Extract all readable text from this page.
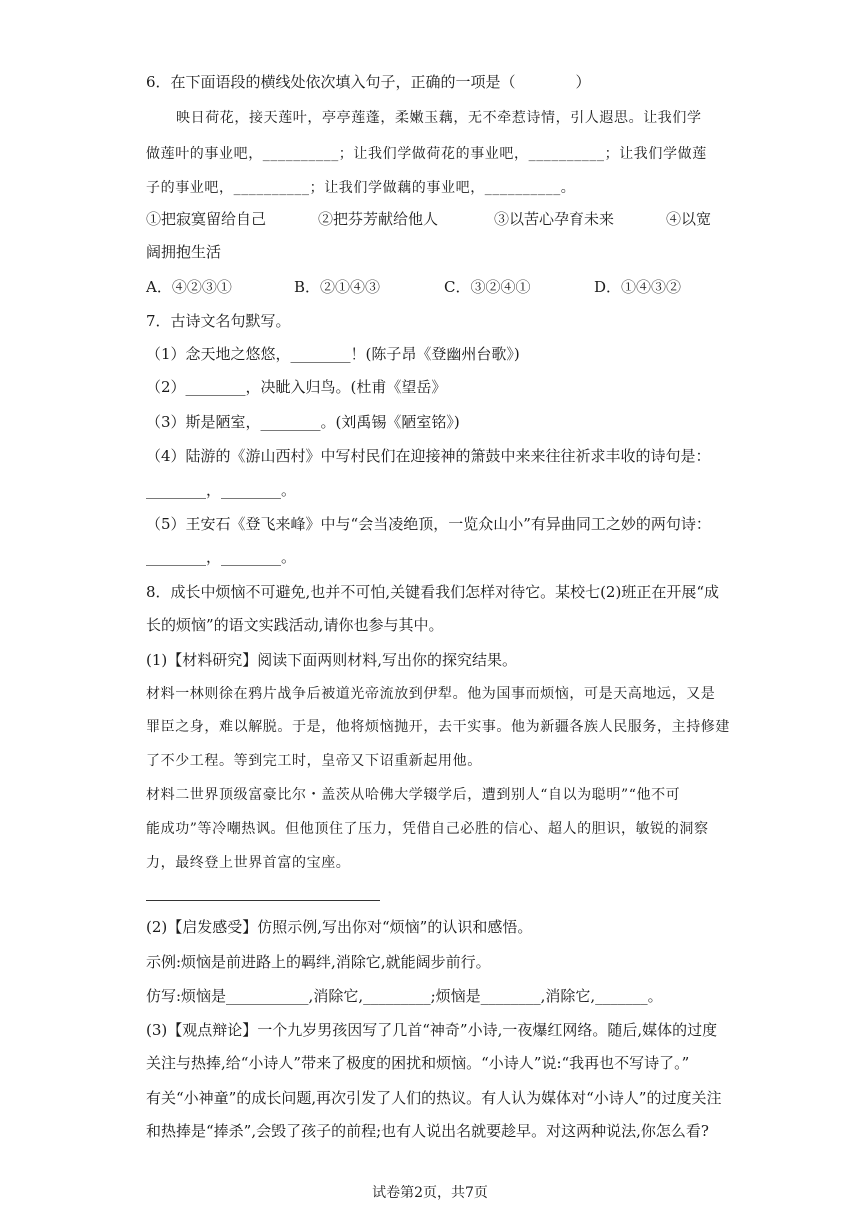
6．在下面语段的横线处依次填入句子，正确的一项是（　　　　）
映日荷花，接天莲叶，亭亭莲蓬，柔嫩玉藕，无不牵惹诗情，引人遐思。让我们学
做莲叶的事业吧，__________；让我们学做荷花的事业吧，__________；让我们学做莲
子的事业吧，__________；让我们学做藕的事业吧，__________。
①把寂寞留给自己	②把芬芳献给他人	③以苦心孕育未来	④以宽
阔拥抱生活
A．④②③①	B．②①④③	C．③②④①	D．①④③②
7．古诗文名句默写。
（1）念天地之悠悠，________！(陈子昂《登幽州台歌》)
（2）________，决眦入归鸟。(杜甫《望岳》
（3）斯是陋室，________。(刘禹锡《陋室铭》)
（4）陆游的《游山西村》中写村民们在迎接神的箫鼓中来来往往祈求丰收的诗句是：
________，________。
（5）王安石《登飞来峰》中与“会当凌绝顶，一览众山小”有异曲同工之妙的两句诗：
________，________。
8．成长中烦恼不可避免,也并不可怕,关键看我们怎样对待它。某校七(2)班正在开展“成
长的烦恼”的语文实践活动,请你也参与其中。
(1)【材料研究】阅读下面两则材料,写出你的探究结果。
材料一林则徐在鸦片战争后被道光帝流放到伊犁。他为国事而烦恼，可是天高地远，又是
罪臣之身，难以解脱。于是，他将烦恼抛开，去干实事。他为新疆各族人民服务，主持修建
了不少工程。等到完工时，皇帝又下诏重新起用他。
材料二世界顶级富豪比尔・盖茨从哈佛大学辍学后，遭到别人“自以为聪明”“他不可
能成功”等冷嘲热讽。但他顶住了压力，凭借自己必胜的信心、超人的胆识，敏锐的洞察
力，最终登上世界首富的宝座。
(2)【启发感受】仿照示例,写出你对“烦恼”的认识和感悟。
示例:烦恼是前进路上的羁绊,消除它,就能阔步前行。
仿写:烦恼是___________,消除它,_________;烦恼是________,消除它,_______。
(3)【观点辩论】一个九岁男孩因写了几首“神奇”小诗,一夜爆红网络。随后,媒体的过度
关注与热捧,给“小诗人”带来了极度的困扰和烦恼。“小诗人”说:“我再也不写诗了。”
有关“小神童”的成长问题,再次引发了人们的热议。有人认为媒体对“小诗人”的过度关注
和热捧是“捧杀”,会毁了孩子的前程;也有人说出名就要趁早。对这两种说法,你怎么看?
试卷第2页，共7页
